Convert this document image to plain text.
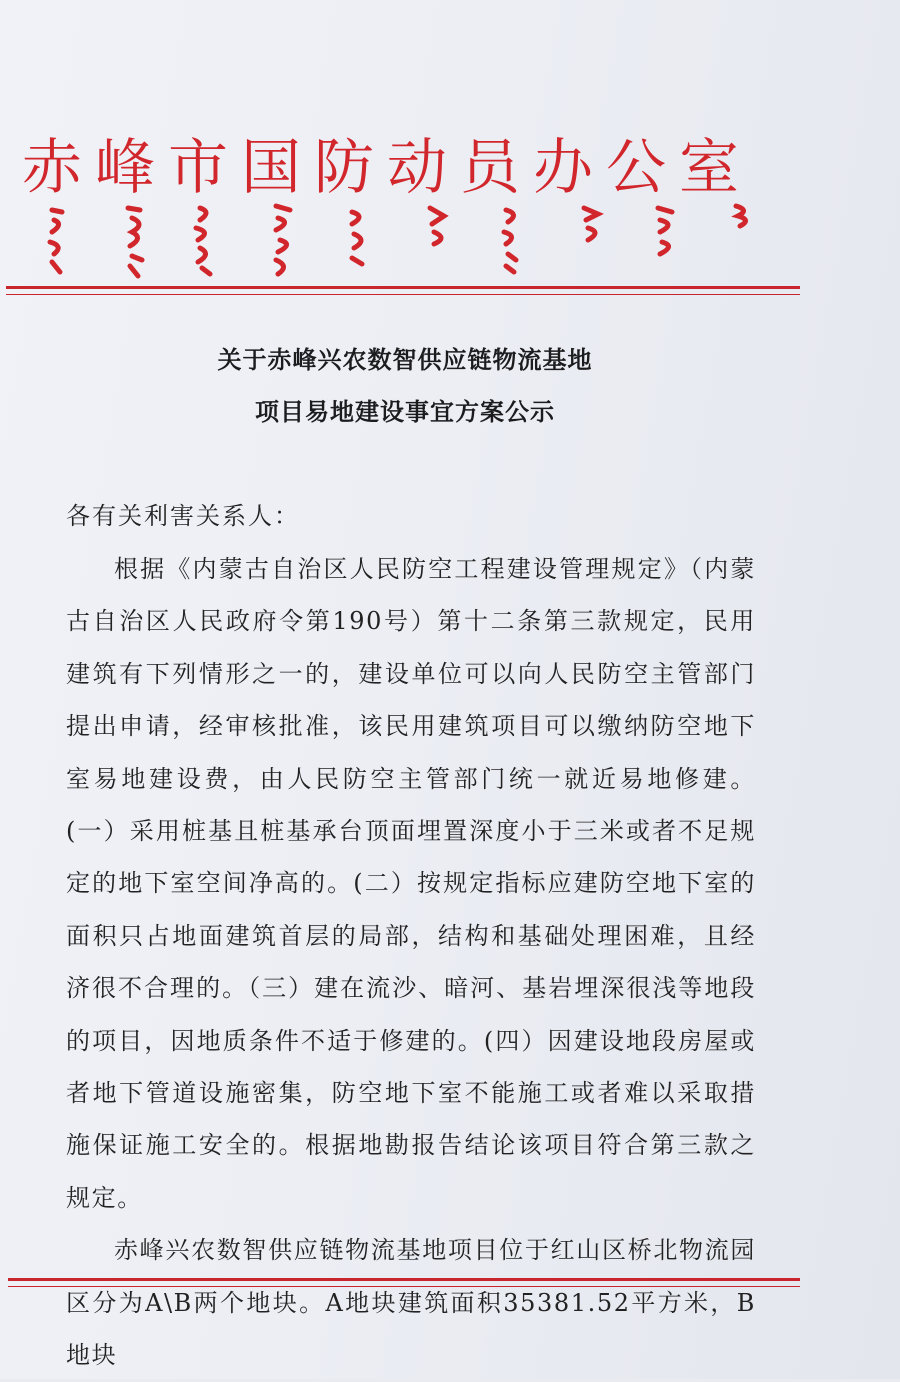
赤峰市国防动员办公室
关于赤峰兴农数智供应链物流基地
项目易地建设事宜方案公示
各有关利害关系人：

根据《内蒙古自治区人民防空工程建设管理规定》（内蒙古自治区人民政府令第190号）第十二条第三款规定，民用建筑有下列情形之一的，建设单位可以向人民防空主管部门提出申请，经审核批准，该民用建筑项目可以缴纳防空地下室易地建设费，由人民防空主管部门统一就近易地修建。(一）采用桩基且桩基承台顶面埋置深度小于三米或者不足规定的地下室空间净高的。(二）按规定指标应建防空地下室的面积只占地面建筑首层的局部，结构和基础处理困难，且经济很不合理的。（三）建在流沙、暗河、基岩埋深很浅等地段的项目，因地质条件不适于修建的。(四）因建设地段房屋或者地下管道设施密集，防空地下室不能施工或者难以采取措施保证施工安全的。根据地勘报告结论该项目符合第三款之规定。

赤峰兴农数智供应链物流基地项目位于红山区桥北物流园区分为A\B两个地块。A地块建筑面积35381.52平方米，B地块
